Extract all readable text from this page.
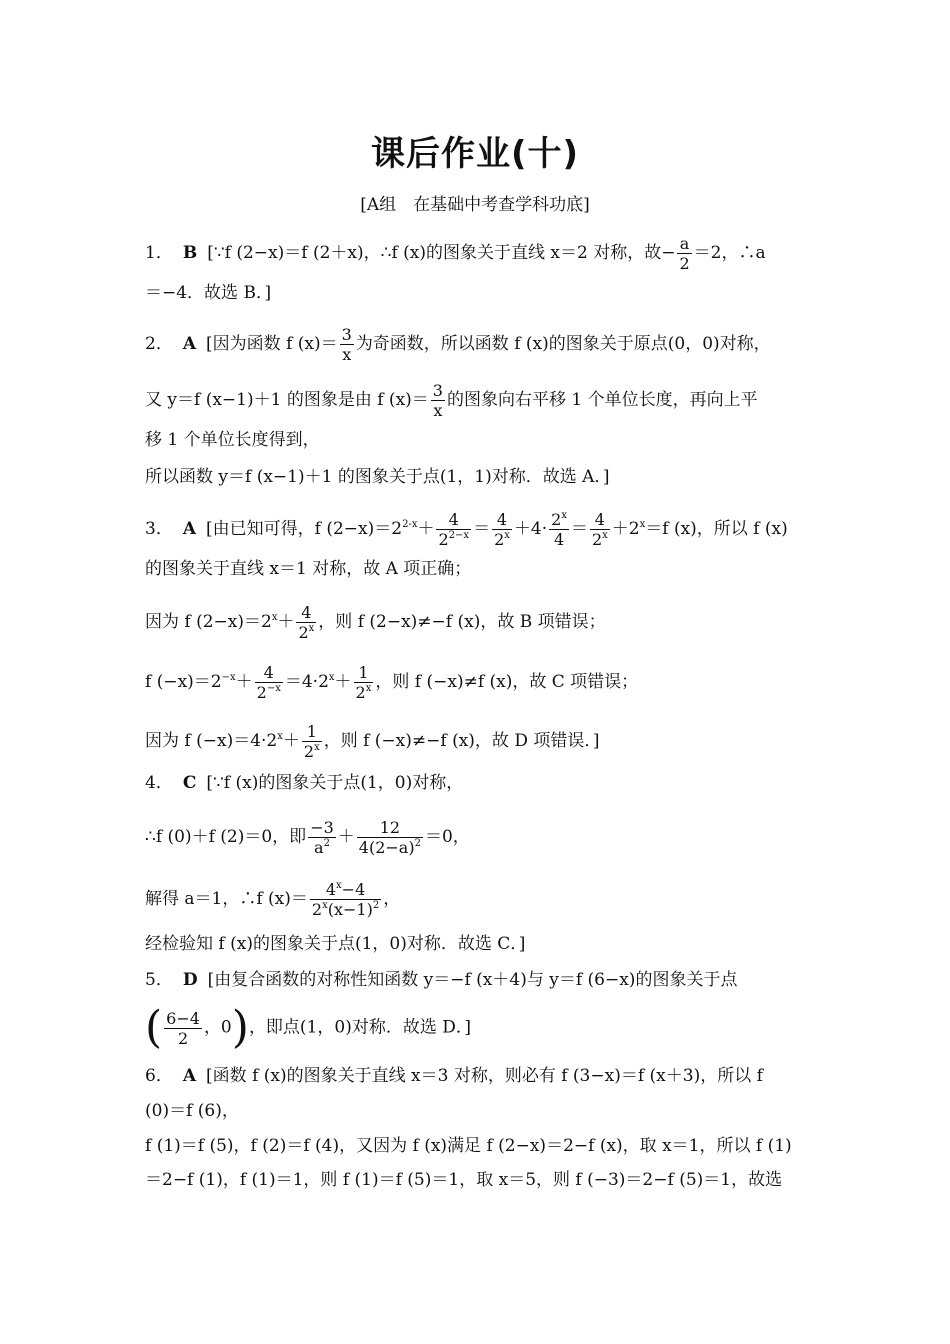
课后作业(十)
[A组　在基础中考查学科功底]
1． B [∵f (2−x)＝f (2＋x)，∴f (x)的图象关于直线 x＝2 对称，故− $\frac{a}{2} =2$，∴a
＝−4．故选 B．]
2． A [因为函数 f $(x)= \frac{3}{x}$ 为奇函数，所以函数 f (x)的图象关于原点(0，0)对称，
又 y＝f (x−1)＋1 的图象是由 f $(x)= \frac{3}{x}$ 的图象向右平移 1 个单位长度，再向上平
移 1 个单位长度得到，
所以函数 y＝f (x−1)＋1 的图象关于点(1，1)对称．故选 A．]
3． A [由已知可得，f $(2-x)=2^{2-x}+ \frac{4}{2^{2-x}} = \frac{4}{2^x} +4\cdot \frac{2^x}{4} = \frac{4}{2^x} +2^x=f$ (x)，所以 f (x)
的图象关于直线 x＝1 对称，故 A 项正确；
因为 f $(2-x)=2^x+ \frac{4}{2^x}$ ，则 f (2−x)≠−f (x)，故 B 项错误；
f $(-x)=2^{-x}+ \frac{4}{2^{-x}} =4\cdot 2^x+ \frac{1}{2^x}$ ，则 f (−x)≠f (x)，故 C 项错误；
因为 f $(-x)=4\cdot 2^x+ \frac{1}{2^x}$ ，则 f (−x)≠−f (x)，故 D 项错误．]
4． C [∵f (x)的图象关于点(1，0)对称，
∴f (0)＋f (2)＝0，即 $\frac{-3}{a^2} + \frac{12}{4(2-a)^2} =0$，
解得 a＝1，∴f $(x)= \frac{4^x-4}{2^x(x-1)^2}$ ，
经检验知 f (x)的图象关于点(1，0)对称．故选 C．]
5． D [由复合函数的对称性知函数 y＝−f (x＋4)与 y＝f (6−x)的图象关于点
( $\frac{6-4}{2}$ ，0)，即点(1，0)对称．故选 D．]
6． A [函数 f (x)的图象关于直线 x＝3 对称，则必有 f (3−x)＝f (x＋3)，所以 f
(0)＝f (6)，
f (1)＝f (5)，f (2)＝f (4)，又因为 f (x)满足 f (2−x)＝2−f (x)，取 x＝1，所以 f (1)
＝2−f (1)，f (1)＝1，则 f (1)＝f (5)＝1，取 x＝5，则 f (−3)＝2−f (5)＝1，故选
